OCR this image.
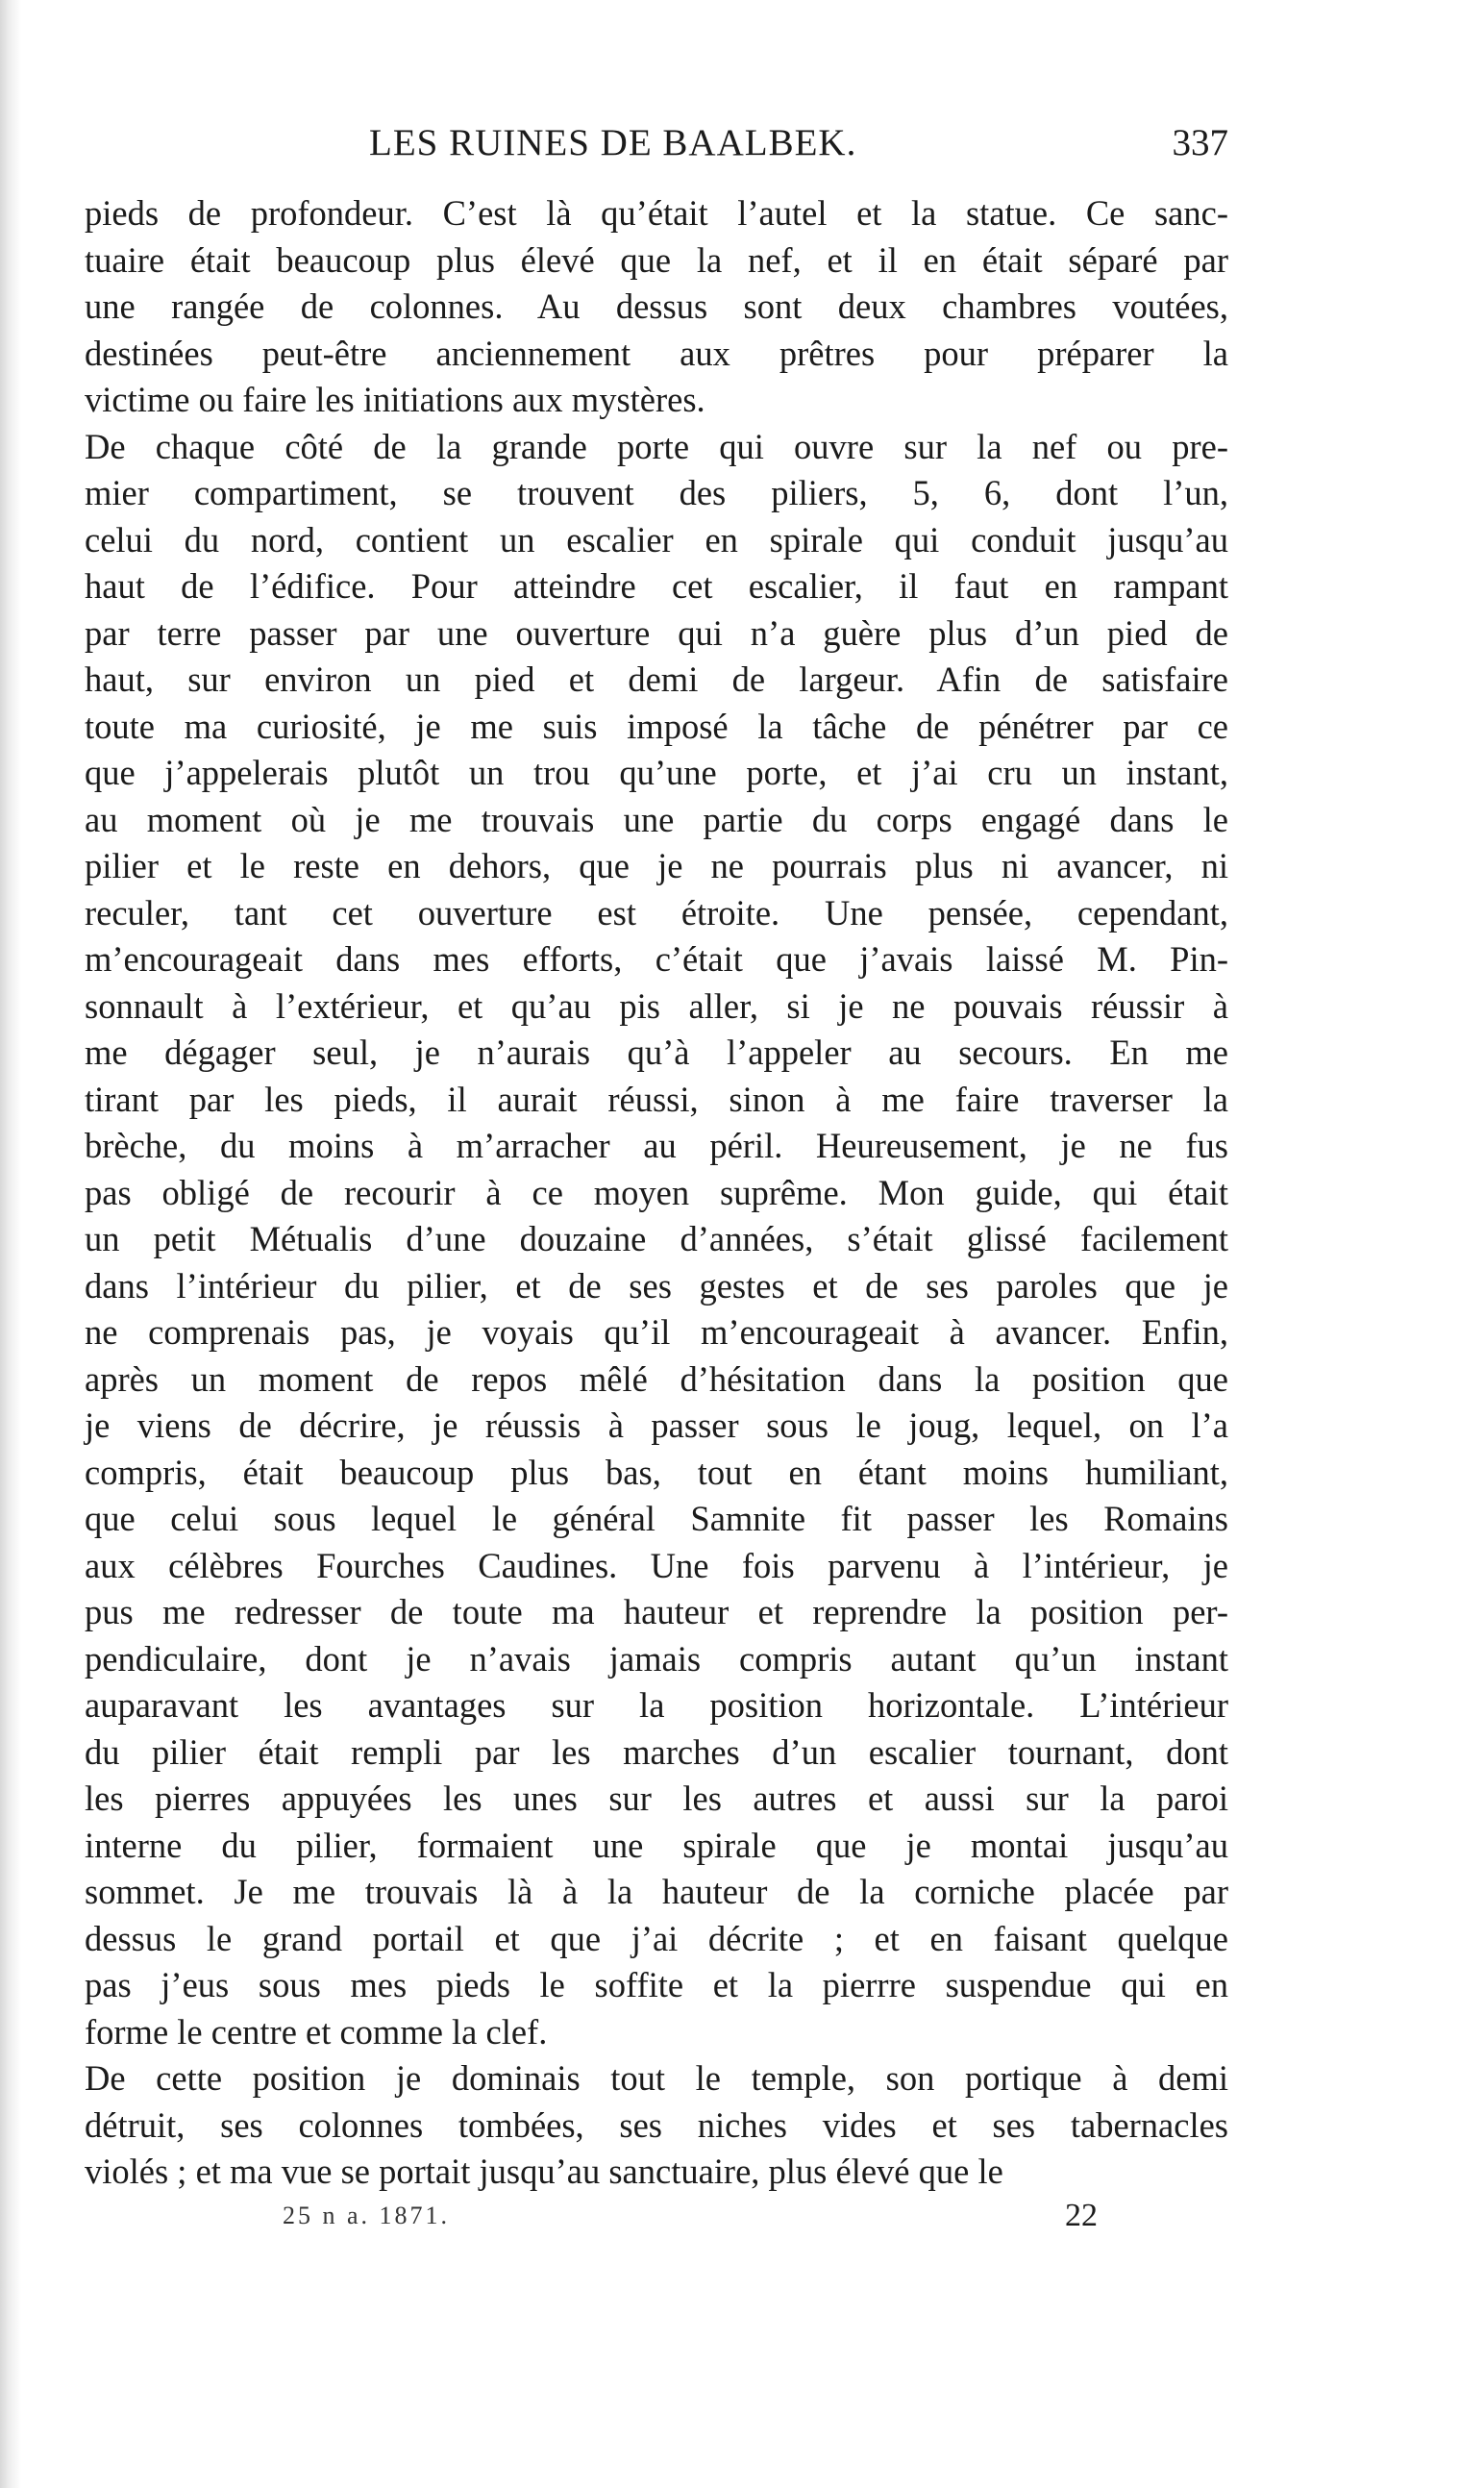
LES RUINES DE BAALBEK.	337
pieds de profondeur. C’est là qu’était l’autel et la statue. Ce sanc-
tuaire était beaucoup plus élevé que la nef, et il en était séparé par
une rangée de colonnes. Au dessus sont deux chambres voutées,
destinées peut-être anciennement aux prêtres pour préparer la
victime ou faire les initiations aux mystères.
De chaque côté de la grande porte qui ouvre sur la nef ou pre-
mier compartiment, se trouvent des piliers, 5, 6, dont l’un,
celui du nord, contient un escalier en spirale qui conduit jusqu’au
haut de l’édifice. Pour atteindre cet escalier, il faut en rampant
par terre passer par une ouverture qui n’a guère plus d’un pied de
haut, sur environ un pied et demi de largeur. Afin de satisfaire
toute ma curiosité, je me suis imposé la tâche de pénétrer par ce
que j’appelerais plutôt un trou qu’une porte, et j’ai cru un instant,
au moment où je me trouvais une partie du corps engagé dans le
pilier et le reste en dehors, que je ne pourrais plus ni avancer, ni
reculer, tant cet ouverture est étroite. Une pensée, cependant,
m’encourageait dans mes efforts, c’était que j’avais laissé M. Pin-
sonnault à l’extérieur, et qu’au pis aller, si je ne pouvais réussir à
me dégager seul, je n’aurais qu’à l’appeler au secours. En me
tirant par les pieds, il aurait réussi, sinon à me faire traverser la
brèche, du moins à m’arracher au péril. Heureusement, je ne fus
pas obligé de recourir à ce moyen suprême. Mon guide, qui était
un petit Métualis d’une douzaine d’années, s’était glissé facilement
dans l’intérieur du pilier, et de ses gestes et de ses paroles que je
ne comprenais pas, je voyais qu’il m’encourageait à avancer. Enfin,
après un moment de repos mêlé d’hésitation dans la position que
je viens de décrire, je réussis à passer sous le joug, lequel, on l’a
compris, était beaucoup plus bas, tout en étant moins humiliant,
que celui sous lequel le général Samnite fit passer les Romains
aux célèbres Fourches Caudines. Une fois parvenu à l’intérieur, je
pus me redresser de toute ma hauteur et reprendre la position per-
pendiculaire, dont je n’avais jamais compris autant qu’un instant
auparavant les avantages sur la position horizontale. L’intérieur
du pilier était rempli par les marches d’un escalier tournant, dont
les pierres appuyées les unes sur les autres et aussi sur la paroi
interne du pilier, formaient une spirale que je montai jusqu’au
sommet. Je me trouvais là à la hauteur de la corniche placée par
dessus le grand portail et que j’ai décrite ; et en faisant quelque
pas j’eus sous mes pieds le soffite et la pierrre suspendue qui en
forme le centre et comme la clef.
De cette position je dominais tout le temple, son portique à demi
détruit, ses colonnes tombées, ses niches vides et ses tabernacles
violés ; et ma vue se portait jusqu’au sanctuaire, plus élevé que le
25 n a. 1871.	22
